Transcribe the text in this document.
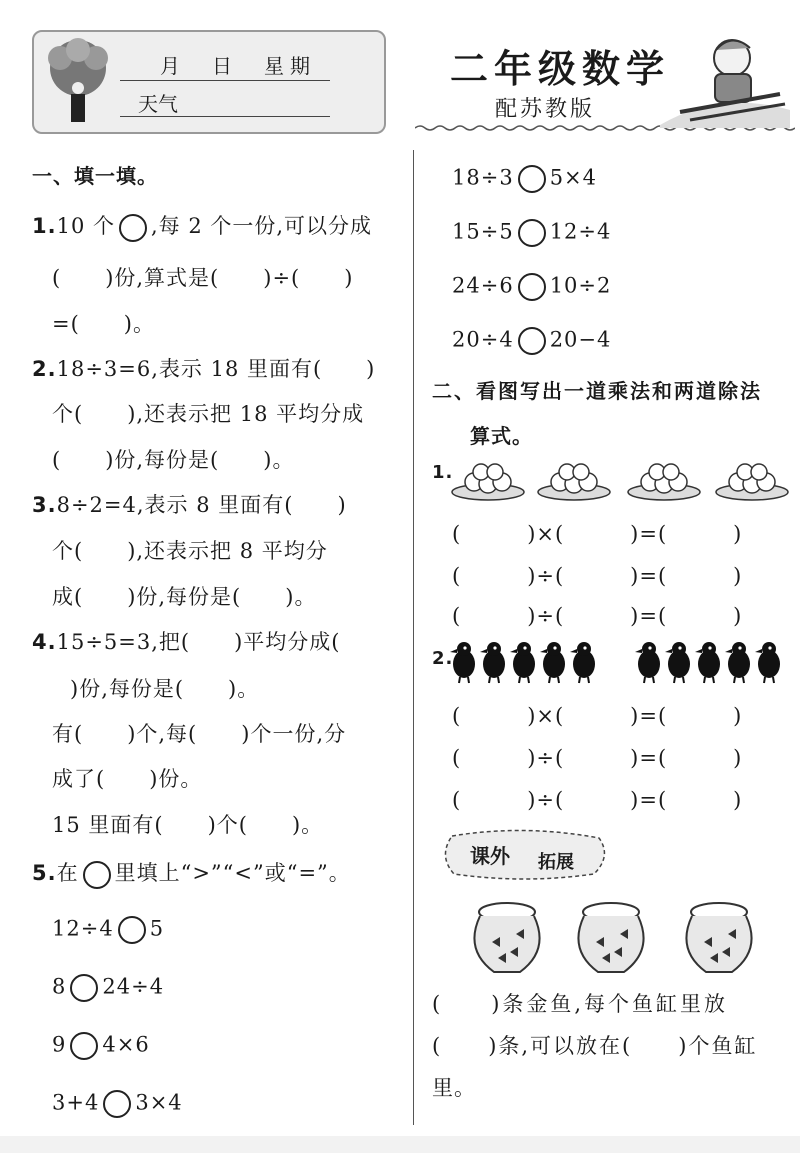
月　日　星期
天气
二年级数学
配苏教版
一、填一填。
1.10 个 ,每 2 个一份,可以分成
(　　)份,算式是(　　)÷(　　)
=(　　)。
2.18÷3=6,表示 18 里面有(　　)
个(　　),还表示把 18 平均分成
(　　)份,每份是(　　)。
3.8÷2=4,表示 8 里面有(　　)
个(　　),还表示把 8 平均分
成(　　)份,每份是(　　)。
4.15÷5=3,把(　　)平均分成(
)份,每份是(　　)。
有(　　)个,每(　　)个一份,分
成了(　　)份。
15 里面有(　　)个(　　)。
5.在 里填上“>”“<”或“=”。
12÷4 5
8 24÷4
9 4×6
3+4 3×4
18÷3 5×4
15÷5 12÷4
24÷6 10÷2
20÷4 20−4
二、看图写出一道乘法和两道除法
算式。
1.
(　　　)×(　　　)=(　　　)
(　　　)÷(　　　)=(　　　)
(　　　)÷(　　　)=(　　　)
2.
(　　　)×(　　　)=(　　　)
(　　　)÷(　　　)=(　　　)
(　　　)÷(　　　)=(　　　)
课外 拓展
(　　)条金鱼,每个鱼缸里放
(　　)条,可以放在(　　)个鱼缸
里。
